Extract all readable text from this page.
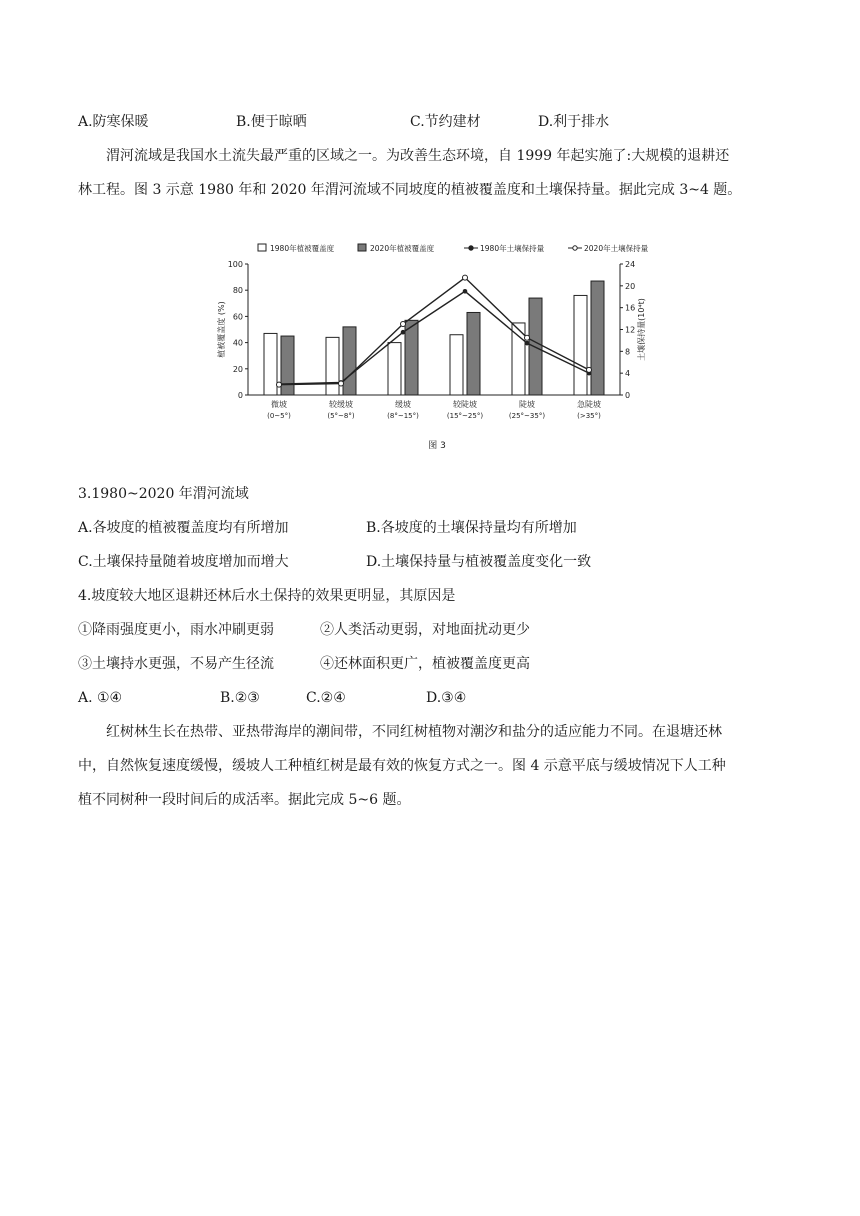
A.防寒保暖	B.便于晾晒	C.节约建材	D.利于排水
渭河流域是我国水土流失最严重的区域之一。为改善生态环境，自 1999 年起实施了:大规模的退耕还
林工程。图 3 示意 1980 年和 2020 年渭河流域不同坡度的植被覆盖度和土壤保持量。据此完成 3~4 题。
1980年植被覆盖度	2020年植被覆盖度	1980年土壤保持量	2020年土壤保持量
0
20
40
60
80
100
0
4
8
12
16
20
24
植被覆盖度 (%)	土壤保持量(10⁴t)
微坡
(0~5°)
较缓坡
(5°~8°)
缓坡
(8°~15°)
较陡坡
(15°~25°)
陡坡
(25°~35°)
急陡坡
(>35°)
图 3
3.1980~2020 年渭河流域
A.各坡度的植被覆盖度均有所增加	B.各坡度的土壤保持量均有所增加
C.土壤保持量随着坡度增加而增大	D.土壤保持量与植被覆盖度变化一致
4.坡度较大地区退耕还林后水土保持的效果更明显，其原因是
①降雨强度更小，雨水冲刷更弱	②人类活动更弱，对地面扰动更少
③土壤持水更强，不易产生径流	④还林面积更广，植被覆盖度更高
A. ①④	B.②③	C.②④	D.③④
红树林生长在热带、亚热带海岸的潮间带，不同红树植物对潮汐和盐分的适应能力不同。在退塘还林
中，自然恢复速度缓慢，缓坡人工种植红树是最有效的恢复方式之一。图 4 示意平底与缓坡情况下人工种
植不同树种一段时间后的成活率。据此完成 5~6 题。
